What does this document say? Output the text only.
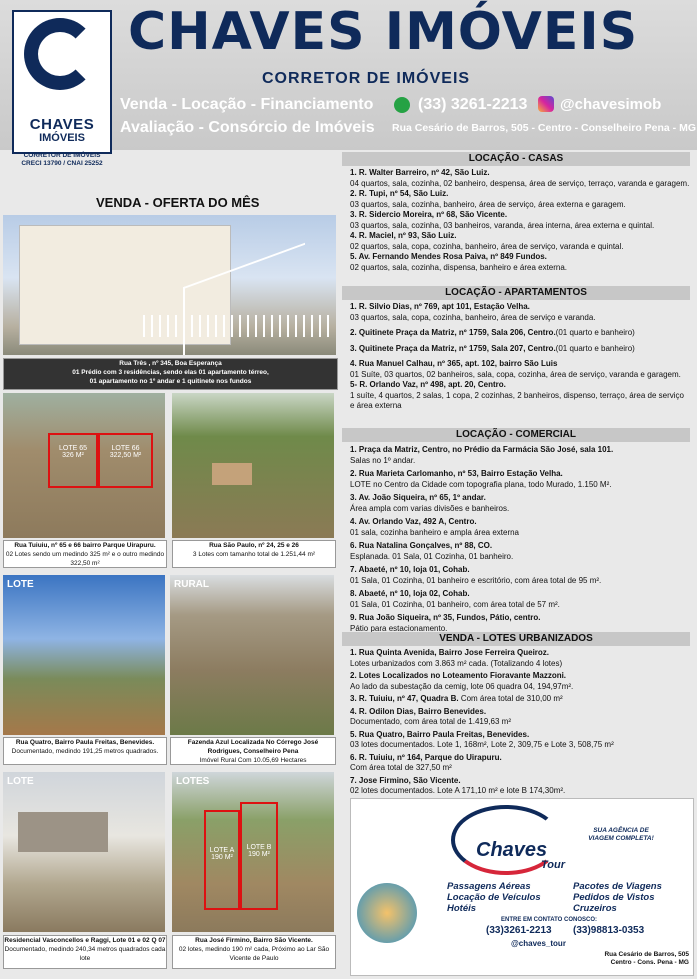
CHAVES
IMÓVEIS
CORRETOR DE IMÓVEIS
CRECI 13790 / CNAI 25252
CHAVES IMÓVEIS
CORRETOR DE IMÓVEIS
Venda - Locação - Financiamento
Avaliação - Consórcio de Imóveis
(33) 3261-2213 @chavesimob
Rua Cesário de Barros, 505 - Centro - Conselheiro Pena - MG
VENDA - OFERTA DO MÊS
Rua Três , nº 345, Boa Esperança
01 Prédio com 3 residências, sendo elas 01 apartamento térreo,
01 apartamento no 1º andar e 1 quitinete nos fundos
LOTE 65
326 M²
LOTE 66
322,50 M²
Rua Tuiuiu, nº 65 e 66 bairro Parque Uirapuru.
02 Lotes sendo um medindo 325 m² e o outro medindo 322,50 m²
Rua São Paulo, nº 24, 25 e 26
3 Lotes com tamanho total de 1.251,44 m²
LOTE
Rua Quatro, Bairro Paula Freitas, Benevides.
Documentado, medindo 191,25 metros quadrados.
RURAL
Fazenda Azul Localizada No Córrego José Rodrigues, Conselheiro Pena
Imóvel Rural Com 10.05,69 Hectares
LOTE
Residencial Vasconcellos e Raggi, Lote 01 e 02 Q 07
Documentado, medindo 240,34 metros quadrados cada lote
LOTES
LOTE A
190 M²
LOTE B
190 M²
Rua José Firmino, Bairro São Vicente.
02 lotes, medindo 190 m² cada, Próximo ao Lar São Vicente de Paulo
LOCAÇÃO - CASAS
1. R. Walter Barreiro, nº 42, São Luiz.
04 quartos, sala, cozinha, 02 banheiro, despensa, área de serviço, terraço, varanda e garagem.
2. R. Tupi, nº 54, São Luiz.
03 quartos, sala, cozinha, banheiro, área de serviço, área externa e garagem.
3. R. Sidercio Moreira, nº 68, São Vicente.
03 quartos, sala, cozinha, 03 banheiros, varanda, área interna, área externa e quintal.
4. R. Maciel, nº 93, São Luiz.
02 quartos, sala, copa, cozinha, banheiro, área de serviço, varanda e quintal.
5. Av. Fernando Mendes Rosa Paiva, nº 849 Fundos.
02 quartos, sala, cozinha, dispensa, banheiro e área externa.
LOCAÇÃO - APARTAMENTOS
1. R. Silvio Dias, nº 769, apt 101, Estação Velha.
03 quartos, sala, copa, cozinha, banheiro, área de serviço e varanda.
2. Quitinete Praça da Matriz, nº 1759, Sala 206, Centro.(01 quarto e banheiro)
3. Quitinete Praça da Matriz, nº 1759, Sala 207, Centro.(01 quarto e banheiro)
4. Rua Manuel Calhau, nº 365, apt. 102, bairro São Luis
01 Suíte, 03 quartos, 02 banheiros, sala, copa, cozinha, área de serviço, varanda e garagem.
5- R. Orlando Vaz, nº 498, apt. 20, Centro.
1 suíte, 4 quartos, 2 salas, 1 copa, 2 cozinhas, 2 banheiros, dispenso, terraço, área de serviço e área externa
LOCAÇÃO - COMERCIAL
1. Praça da Matriz, Centro, no Prédio da Farmácia São José, sala 101.
Salas no 1º andar.
2. Rua Marieta Carlomanho, nº 53, Bairro Estação Velha.
LOTE no Centro da Cidade com topografia plana, todo Murado, 1.150 M².
3. Av. João Siqueira, nº 65, 1º andar.
Área ampla com varias divisões e banheiros.
4. Av. Orlando Vaz, 492 A, Centro.
01 sala, cozinha banheiro e ampla área externa
6. Rua Natalina Gonçalves, nº 88, CO.
Esplanada. 01 Sala, 01 Cozinha, 01 banheiro.
7. Abaeté, nº 10, loja 01, Cohab.
01 Sala, 01 Cozinha, 01 banheiro e escritório, com área total de 95 m².
8. Abaeté, nº 10, loja 02, Cohab.
01 Sala, 01 Cozinha, 01 banheiro, com área total de 57 m².
9. Rua João Siqueira, nº 35, Fundos, Pátio, centro.
Pátio para estacionamento.
VENDA - LOTES URBANIZADOS
1. Rua Quinta Avenida, Bairro Jose Ferreira Queiroz.
Lotes urbanizados com 3.863 m² cada. (Totalizando 4 lotes)
2. Lotes Localizados no Loteamento Fioravante Mazzoni.
Ao lado da subestação da cemig, lote 06 quadra 04, 194,97m².
3. R. Tuiuiu, nº 47, Quadra B. Com área total de 310,00 m²
4. R. Odilon Dias, Bairro Benevides.
Documentado, com área total de 1.419,63 m²
5. Rua Quatro, Bairro Paula Freitas, Benevides.
03 lotes documentados. Lote 1, 168m², Lote 2, 309,75 e Lote 3, 508,75 m²
6. R. Tuiuiu, nº 164, Parque do Uirapuru.
Com área total de 327,50 m²
7. Jose Firmino, São Vicente.
02 lotes documentados. Lote A 171,10 m² e lote B 174,30m².
Chaves
Tour
SUA AGÊNCIA DE VIAGEM COMPLETA!
Passagens Aéreas
Locação de Veículos
Hotéis
Pacotes de Viagens
Pedidos de Vistos
Cruzeiros
ENTRE EM CONTATO CONOSCO:
(33)3261-2213 (33)98813-0353
@chaves_tour
Rua Cesário de Barros, 505
Centro - Cons. Pena - MG
